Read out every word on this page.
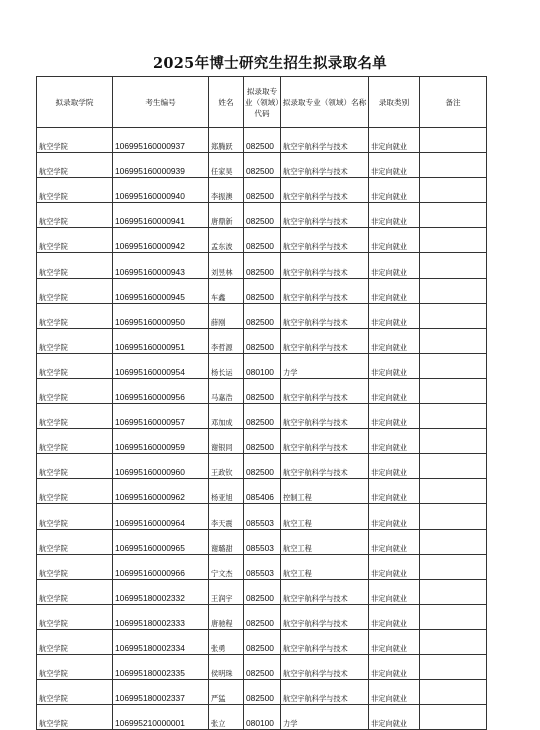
2025年博士研究生招生拟录取名单
拟录取学院	考生编号	姓名	拟录取专业（领域）代码	拟录取专业（领域）名称	录取类别	备注
航空学院	106995160000937	郑腾跃	082500	航空宇航科学与技术	非定向就业	
航空学院	106995160000939	任家昊	082500	航空宇航科学与技术	非定向就业	
航空学院	106995160000940	李振澳	082500	航空宇航科学与技术	非定向就业	
航空学院	106995160000941	唐鼎新	082500	航空宇航科学与技术	非定向就业	
航空学院	106995160000942	孟东波	082500	航空宇航科学与技术	非定向就业	
航空学院	106995160000943	刘昱林	082500	航空宇航科学与技术	非定向就业	
航空学院	106995160000945	车鑫	082500	航空宇航科学与技术	非定向就业	
航空学院	106995160000950	薛刚	082500	航空宇航科学与技术	非定向就业	
航空学院	106995160000951	李哲源	082500	航空宇航科学与技术	非定向就业	
航空学院	106995160000954	杨长运	080100	力学	非定向就业	
航空学院	106995160000956	马嘉浩	082500	航空宇航科学与技术	非定向就业	
航空学院	106995160000957	邓加成	082500	航空宇航科学与技术	非定向就业	
航空学院	106995160000959	谢银同	082500	航空宇航科学与技术	非定向就业	
航空学院	106995160000960	王政钦	082500	航空宇航科学与技术	非定向就业	
航空学院	106995160000962	杨亚旭	085406	控制工程	非定向就业	
航空学院	106995160000964	李天震	085503	航空工程	非定向就业	
航空学院	106995160000965	谢璐甜	085503	航空工程	非定向就业	
航空学院	106995160000966	宁文杰	085503	航空工程	非定向就业	
航空学院	106995180002332	王润宇	082500	航空宇航科学与技术	非定向就业	
航空学院	106995180002333	唐驰程	082500	航空宇航科学与技术	非定向就业	
航空学院	106995180002334	张勇	082500	航空宇航科学与技术	非定向就业	
航空学院	106995180002335	侯明珠	082500	航空宇航科学与技术	非定向就业	
航空学院	106995180002337	严猛	082500	航空宇航科学与技术	非定向就业	
航空学院	106995210000001	张立	080100	力学	非定向就业	
